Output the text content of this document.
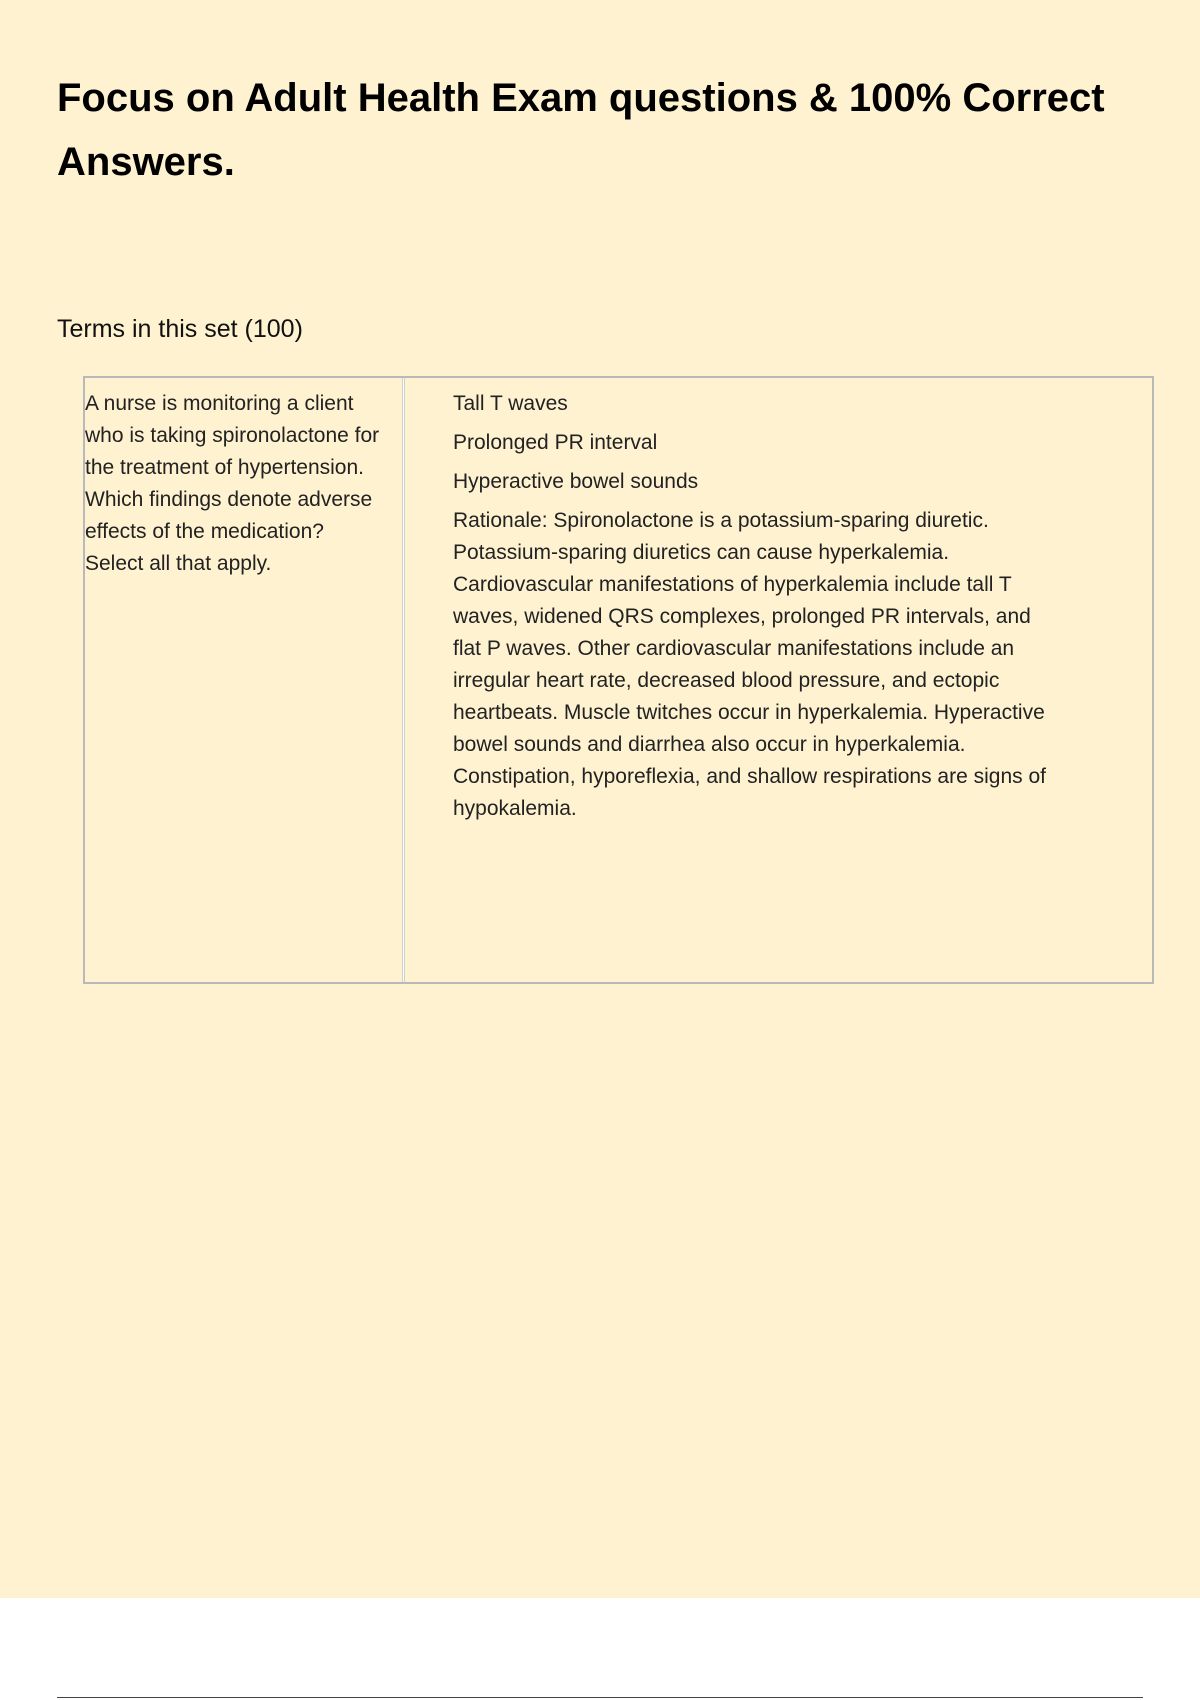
Focus on Adult Health Exam questions & 100% Correct Answers.
Terms in this set (100)
A nurse is monitoring a client who is taking spironolactone for the treatment of hypertension. Which findings denote adverse effects of the medication? Select all that apply.
Tall T waves
Prolonged PR interval
Hyperactive bowel sounds
Rationale: Spironolactone is a potassium-sparing diuretic. Potassium-sparing diuretics can cause hyperkalemia. Cardiovascular manifestations of hyperkalemia include tall T waves, widened QRS complexes, prolonged PR intervals, and flat P waves. Other cardiovascular manifestations include an irregular heart rate, decreased blood pressure, and ectopic heartbeats. Muscle twitches occur in hyperkalemia. Hyperactive bowel sounds and diarrhea also occur in hyperkalemia. Constipation, hyporeflexia, and shallow respirations are signs of hypokalemia.
